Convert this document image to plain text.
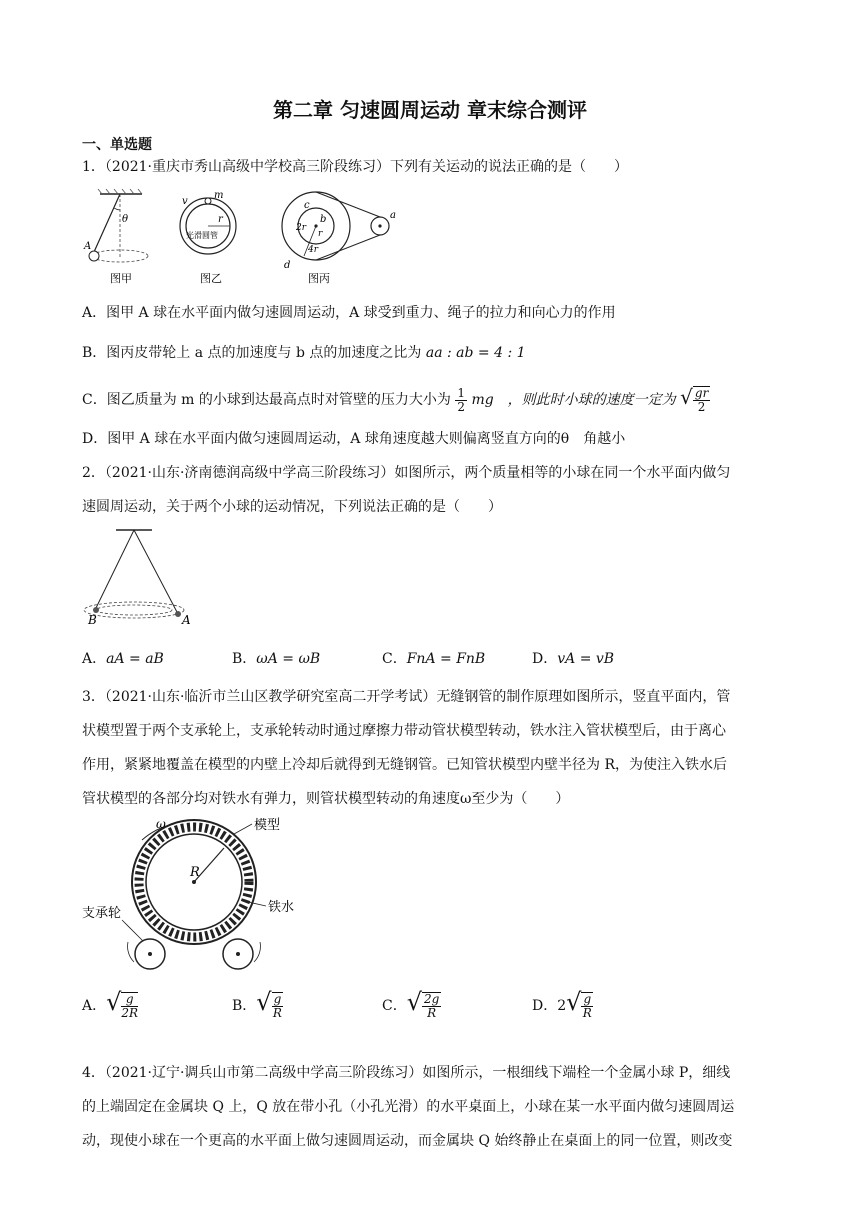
第二章 匀速圆周运动 章末综合测评
一、单选题
1．（2021·重庆市秀山高级中学校高三阶段练习）下列有关运动的说法正确的是（　　）
θ
A
图甲
m
v
r
光滑圆管
图乙
c
b
2r
r
4r
a
d
图丙
A．图甲 A 球在水平面内做匀速圆周运动，A 球受到重力、绳子的拉力和向心力的作用
B．图丙皮带轮上 a 点的加速度与 b 点的加速度之比为 aa : ab = 4 : 1
C．图乙质量为 m 的小球到达最高点时对管壁的压力大小为 $\frac{1}{2}$ mg　，则此时小球的速度一定为 √ $\frac{gr}{2}$
D．图甲 A 球在水平面内做匀速圆周运动，A 球角速度越大则偏离竖直方向的θ　角越小
2．（2021·山东·济南德润高级中学高三阶段练习）如图所示，两个质量相等的小球在同一个水平面内做匀
速圆周运动，关于两个小球的运动情况，下列说法正确的是（　　）
B	A
A．aA = aB	B．ωA = ωB	C．FnA = FnB	D．vA = vB
3．（2021·山东·临沂市兰山区教学研究室高二开学考试）无缝钢管的制作原理如图所示，竖直平面内，管
状模型置于两个支承轮上，支承轮转动时通过摩擦力带动管状模型转动，铁水注入管状模型后，由于离心
作用，紧紧地覆盖在模型的内壁上冷却后就得到无缝钢管。已知管状模型内壁半径为 R，为使注入铁水后
管状模型的各部分均对铁水有弹力，则管状模型转动的角速度ω至少为（　　）
R
ω	模型
铁水
支承轮
A．√ $\frac{g}{2R}$	B．√ $\frac{g}{R}$	C．√ $\frac{2g}{R}$	D．$2√ \frac{g}{R}$
4．（2021·辽宁·调兵山市第二高级中学高三阶段练习）如图所示，一根细线下端栓一个金属小球 P，细线
的上端固定在金属块 Q 上，Q 放在带小孔（小孔光滑）的水平桌面上，小球在某一水平面内做匀速圆周运
动，现使小球在一个更高的水平面上做匀速圆周运动，而金属块 Q 始终静止在桌面上的同一位置，则改变
